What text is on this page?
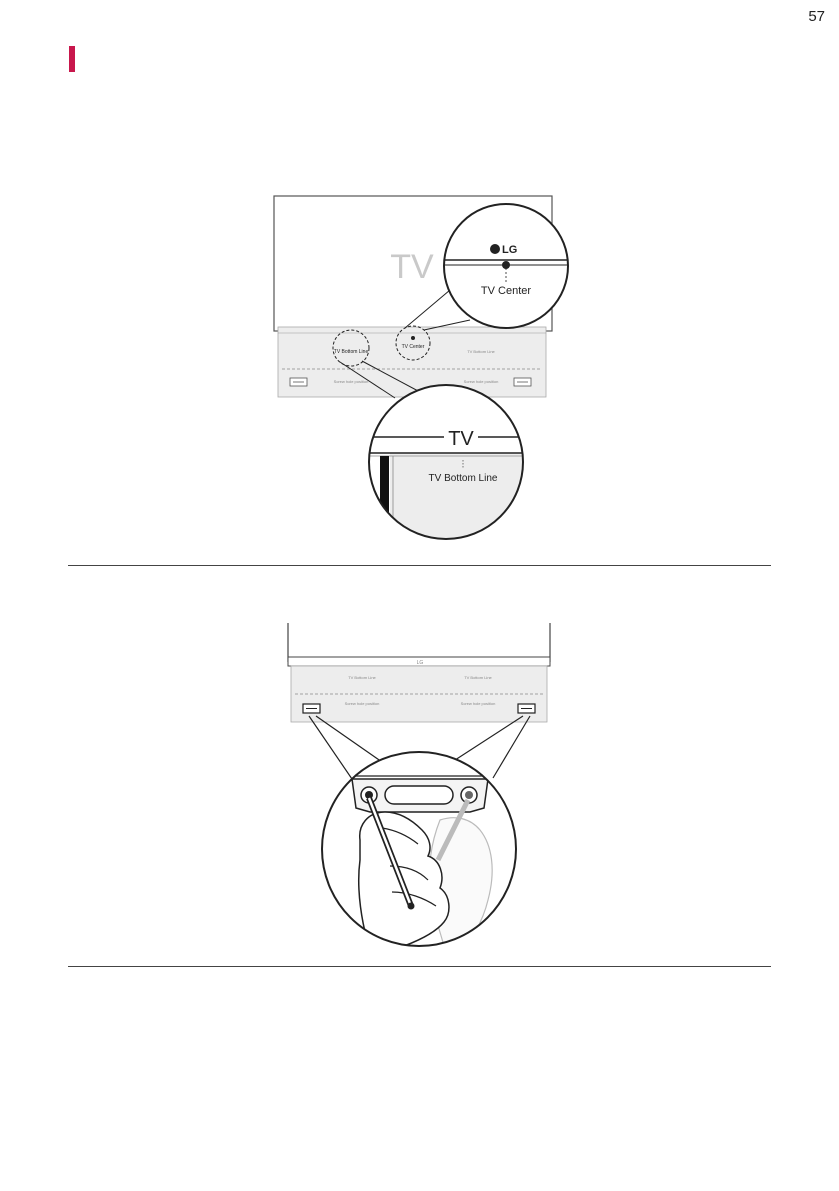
57
TV
TV Bottom Line
Screw hole position	Screw hole position
TV Bottom Line
TV Center
LG
TV Center
TV
TV Bottom Line
LG
TV Bottom Line	TV Bottom Line
Screw hole position	Screw hole position
